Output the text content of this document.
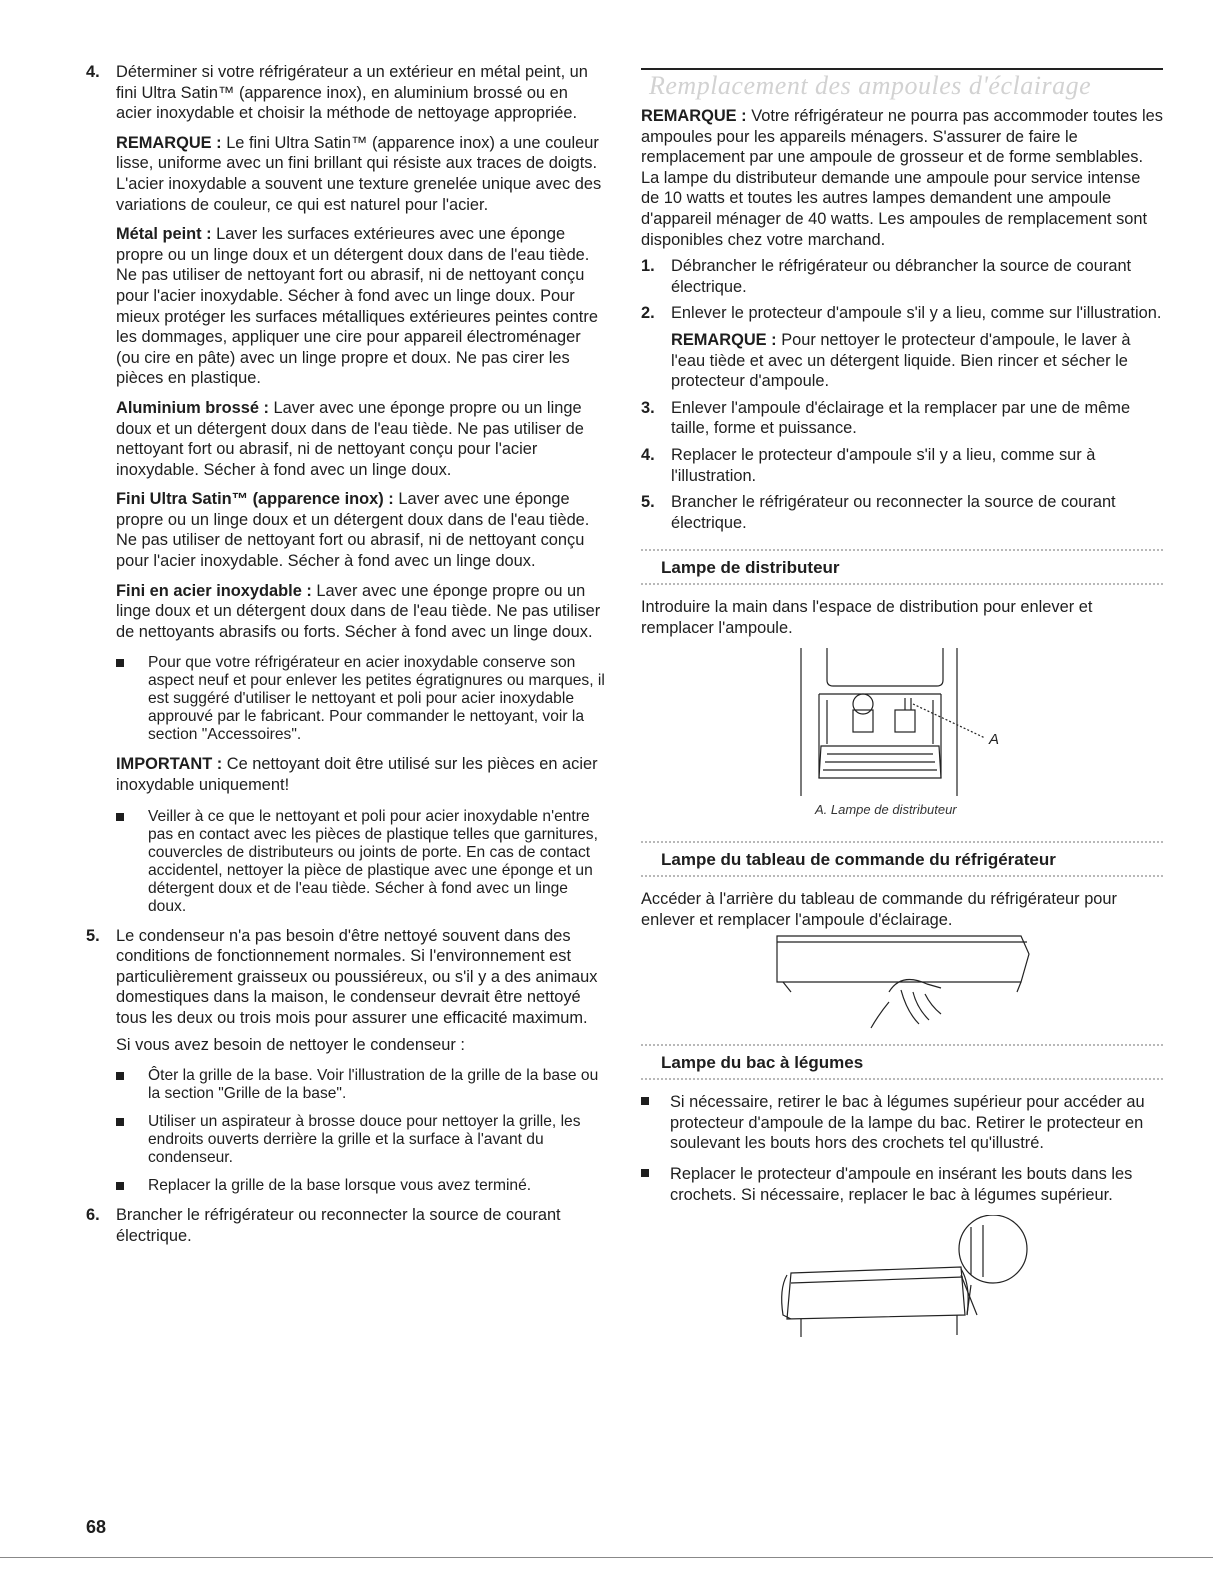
4. Déterminer si votre réfrigérateur a un extérieur en métal peint, un fini Ultra Satin™ (apparence inox), en aluminium brossé ou en acier inoxydable et choisir la méthode de nettoyage appropriée.

REMARQUE : Le fini Ultra Satin™ (apparence inox) a une couleur lisse, uniforme avec un fini brillant qui résiste aux traces de doigts. L'acier inoxydable a souvent une texture grenelée unique avec des variations de couleur, ce qui est naturel pour l'acier.

Métal peint : Laver les surfaces extérieures avec une éponge propre ou un linge doux et un détergent doux dans de l'eau tiède. Ne pas utiliser de nettoyant fort ou abrasif, ni de nettoyant conçu pour l'acier inoxydable. Sécher à fond avec un linge doux. Pour mieux protéger les surfaces métalliques extérieures peintes contre les dommages, appliquer une cire pour appareil électroménager (ou cire en pâte) avec un linge propre et doux. Ne pas cirer les pièces en plastique.

Aluminium brossé : Laver avec une éponge propre ou un linge doux et un détergent doux dans de l'eau tiède. Ne pas utiliser de nettoyant fort ou abrasif, ni de nettoyant conçu pour l'acier inoxydable. Sécher à fond avec un linge doux.

Fini Ultra Satin™ (apparence inox) : Laver avec une éponge propre ou un linge doux et un détergent doux dans de l'eau tiède. Ne pas utiliser de nettoyant fort ou abrasif, ni de nettoyant conçu pour l'acier inoxydable. Sécher à fond avec un linge doux.

Fini en acier inoxydable : Laver avec une éponge propre ou un linge doux et un détergent doux dans de l'eau tiède. Ne pas utiliser de nettoyants abrasifs ou forts. Sécher à fond avec un linge doux.

Pour que votre réfrigérateur en acier inoxydable conserve son aspect neuf et pour enlever les petites égratignures ou marques, il est suggéré d'utiliser le nettoyant et poli pour acier inoxydable approuvé par le fabricant. Pour commander le nettoyant, voir la section "Accessoires".

IMPORTANT : Ce nettoyant doit être utilisé sur les pièces en acier inoxydable uniquement!

Veiller à ce que le nettoyant et poli pour acier inoxydable n'entre pas en contact avec les pièces de plastique telles que garnitures, couvercles de distributeurs ou joints de porte. En cas de contact accidentel, nettoyer la pièce de plastique avec une éponge et un détergent doux et de l'eau tiède. Sécher à fond avec un linge doux.
5. Le condenseur n'a pas besoin d'être nettoyé souvent dans des conditions de fonctionnement normales. Si l'environnement est particulièrement graisseux ou poussiéreux, ou s'il y a des animaux domestiques dans la maison, le condenseur devrait être nettoyé tous les deux ou trois mois pour assurer une efficacité maximum.

Si vous avez besoin de nettoyer le condenseur :

Ôter la grille de la base. Voir l'illustration de la grille de la base ou la section "Grille de la base".
Utiliser un aspirateur à brosse douce pour nettoyer la grille, les endroits ouverts derrière la grille et la surface à l'avant du condenseur.
Replacer la grille de la base lorsque vous avez terminé.
6. Brancher le réfrigérateur ou reconnecter la source de courant électrique.
Remplacement des ampoules d'éclairage

REMARQUE : Votre réfrigérateur ne pourra pas accommoder toutes les ampoules pour les appareils ménagers. S'assurer de faire le remplacement par une ampoule de grosseur et de forme semblables. La lampe du distributeur demande une ampoule pour service intense de 10 watts et toutes les autres lampes demandent une ampoule d'appareil ménager de 40 watts. Les ampoules de remplacement sont disponibles chez votre marchand.

1. Débrancher le réfrigérateur ou débrancher la source de courant électrique.
2. Enlever le protecteur d'ampoule s'il y a lieu, comme sur l'illustration.

REMARQUE : Pour nettoyer le protecteur d'ampoule, le laver à l'eau tiède et avec un détergent liquide. Bien rincer et sécher le protecteur d'ampoule.

3. Enlever l'ampoule d'éclairage et la remplacer par une de même taille, forme et puissance.
4. Replacer le protecteur d'ampoule s'il y a lieu, comme sur à l'illustration.
5. Brancher le réfrigérateur ou reconnecter la source de courant électrique.
Lampe de distributeur

Introduire la main dans l'espace de distribution pour enlever et remplacer l'ampoule.

A
A. Lampe de distributeur
Lampe du tableau de commande du réfrigérateur

Accéder à l'arrière du tableau de commande du réfrigérateur pour enlever et remplacer l'ampoule d'éclairage.

Lampe du bac à légumes
Si nécessaire, retirer le bac à légumes supérieur pour accéder au protecteur d'ampoule de la lampe du bac. Retirer le protecteur en soulevant les bouts hors des crochets tel qu'illustré.
Replacer le protecteur d'ampoule en insérant les bouts dans les crochets. Si nécessaire, replacer le bac à légumes supérieur.
68
